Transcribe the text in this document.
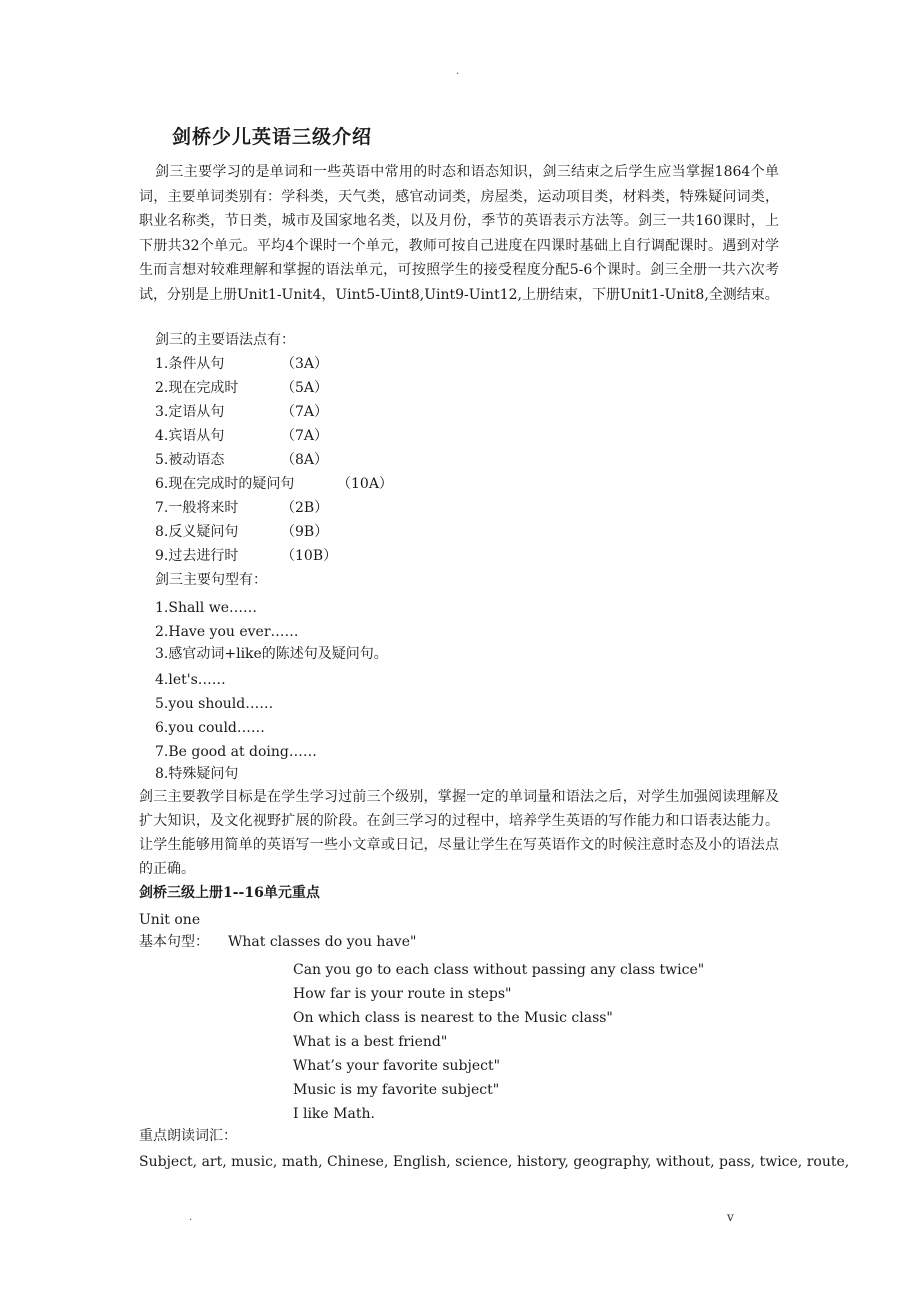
.
剑桥少儿英语三级介绍
剑三主要学习的是单词和一些英语中常用的时态和语态知识，剑三结束之后学生应当掌握1864个单词，主要单词类别有：学科类，天气类，感官动词类，房屋类，运动项目类，材料类，特殊疑问词类，职业名称类，节日类，城市及国家地名类，以及月份，季节的英语表示方法等。剑三一共160课时，上下册共32个单元。平均4个课时一个单元，教师可按自己进度在四课时基础上自行调配课时。遇到对学生而言想对较难理解和掌握的语法单元，可按照学生的接受程度分配5-6个课时。剑三全册一共六次考试，分别是上册Unit1-Unit4，Uint5-Uint8,Uint9-Uint12,上册结束，下册Unit1-Unit8,全测结束。
剑三的主要语法点有：
1.条件从句	（3A）
2.现在完成时	（5A）
3.定语从句	（7A）
4.宾语从句	（7A）
5.被动语态	（8A）
6.现在完成时的疑问句	（10A）
7.一般将来时	（2B）
8.反义疑问句	（9B）
9.过去进行时	（10B）
剑三主要句型有：
1.Shall we……
2.Have you ever……
3.感官动词+like的陈述句及疑问句。
4.let's……
5.you should……
6.you could……
7.Be good at doing……
8.特殊疑问句
剑三主要教学目标是在学生学习过前三个级别，掌握一定的单词量和语法之后，对学生加强阅读理解及扩大知识，及文化视野扩展的阶段。在剑三学习的过程中，培养学生英语的写作能力和口语表达能力。让学生能够用简单的英语写一些小文章或日记，尽量让学生在写英语作文的时候注意时态及小的语法点的正确。
剑桥三级上册1--16单元重点
Unit one
基本句型： What classes do you have"
Can you go to each class without passing any class twice"
How far is your route in steps"
On which class is nearest to the Music class"
What is a best friend"
What’s your favorite subject"
Music is my favorite subject"
I like Math.
重点朗读词汇：
Subject, art, music, math, Chinese, English, science, history, geography, without, pass, twice, route,
.	v
